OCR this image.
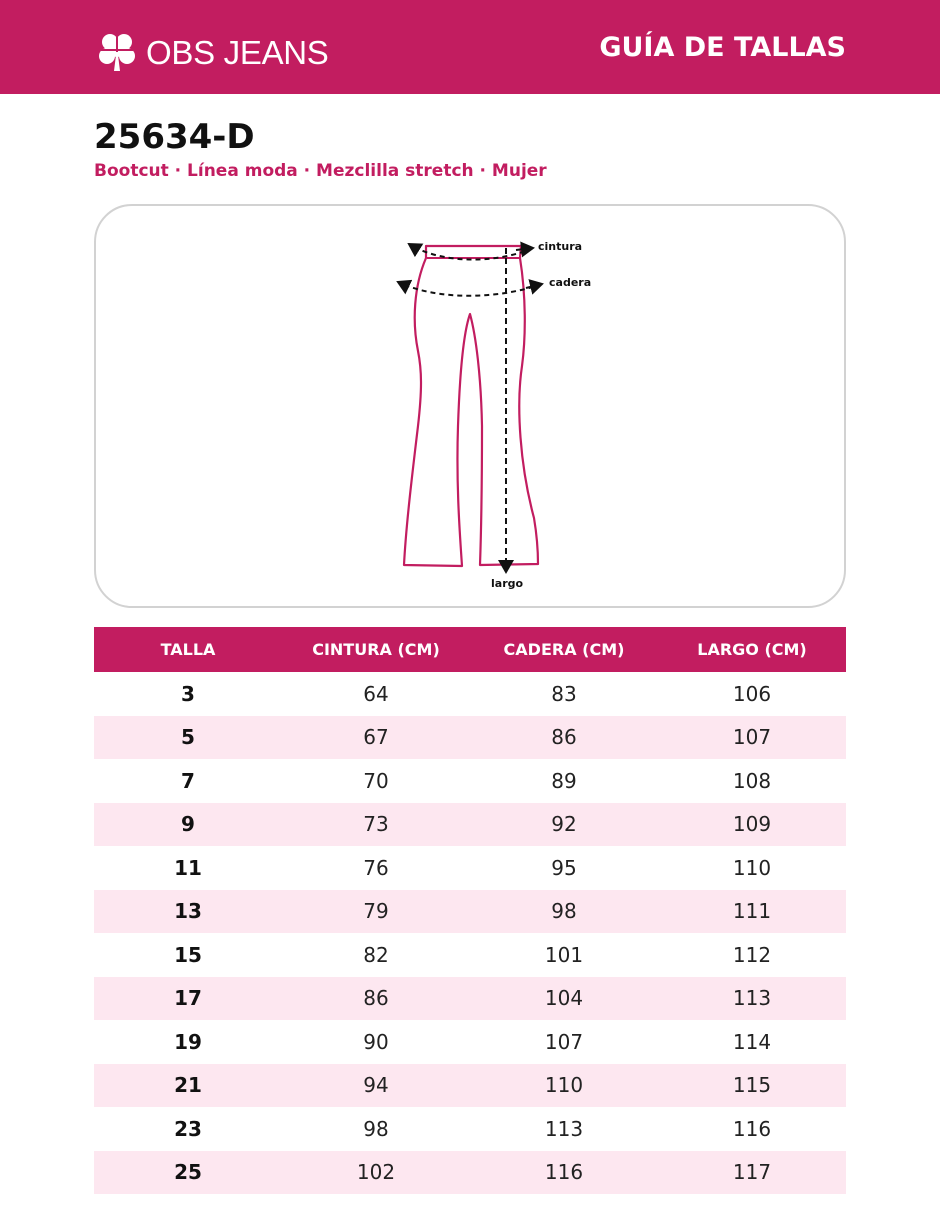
OBS JEANS	GUÍA DE TALLAS
25634-D
Bootcut · Línea moda · Mezclilla stretch · Mujer
cintura
cadera
largo
TALLA	CINTURA (CM)	CADERA (CM)	LARGO (CM)
3	64	83	106
5	67	86	107
7	70	89	108
9	73	92	109
11	76	95	110
13	79	98	111
15	82	101	112
17	86	104	113
19	90	107	114
21	94	110	115
23	98	113	116
25	102	116	117
